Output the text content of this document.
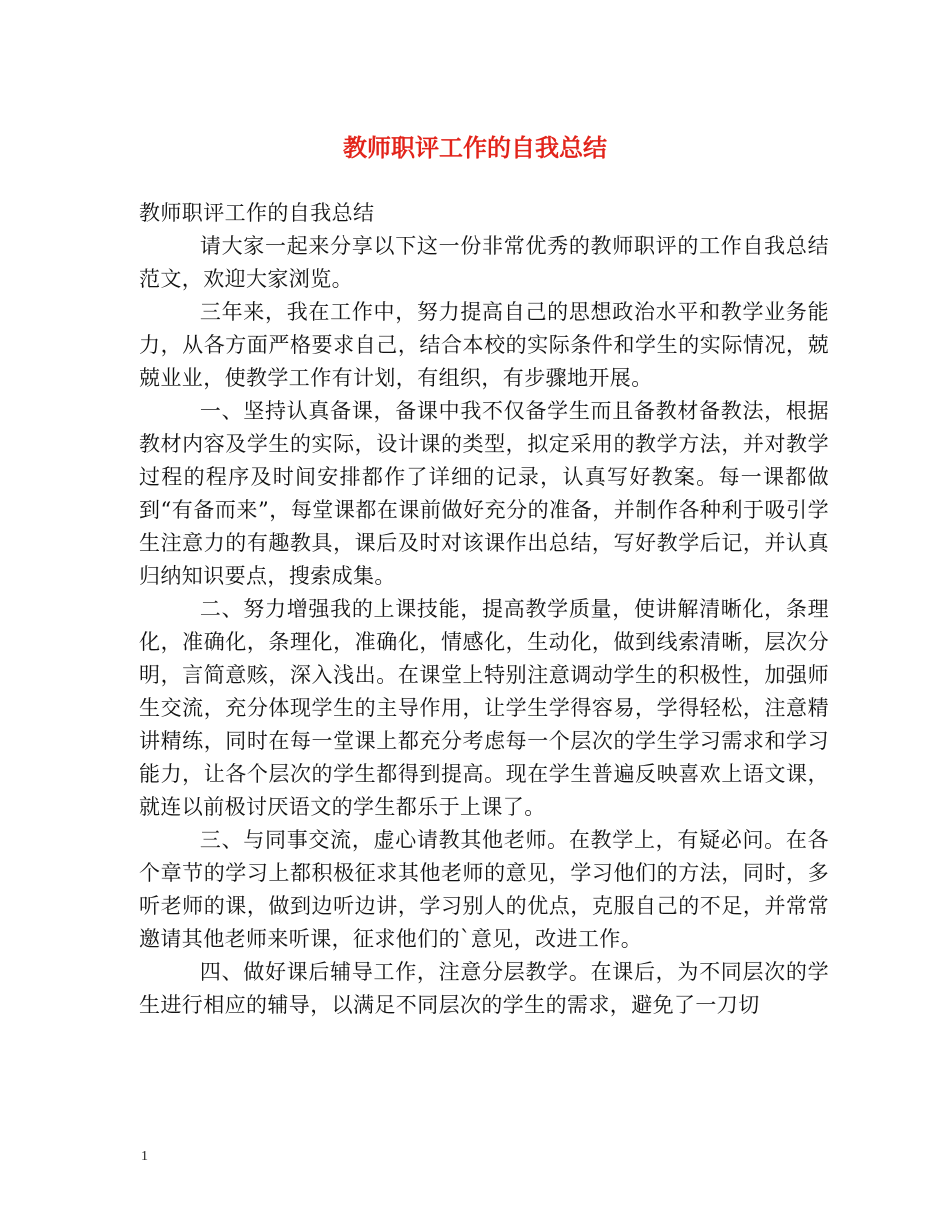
教师职评工作的自我总结

教师职评工作的自我总结

请大家一起来分享以下这一份非常优秀的教师职评的工作自我总结范文，欢迎大家浏览。

三年来，我在工作中，努力提高自己的思想政治水平和教学业务能力，从各方面严格要求自己，结合本校的实际条件和学生的实际情况，兢兢业业，使教学工作有计划，有组织，有步骤地开展。

一、坚持认真备课，备课中我不仅备学生而且备教材备教法，根据教材内容及学生的实际，设计课的类型，拟定采用的教学方法，并对教学过程的程序及时间安排都作了详细的记录，认真写好教案。每一课都做到“有备而来”，每堂课都在课前做好充分的准备，并制作各种利于吸引学生注意力的有趣教具，课后及时对该课作出总结，写好教学后记，并认真归纳知识要点，搜索成集。

二、努力增强我的上课技能，提高教学质量，使讲解清晰化，条理化，准确化，条理化，准确化，情感化，生动化，做到线索清晰，层次分明，言简意赅，深入浅出。在课堂上特别注意调动学生的积极性，加强师生交流，充分体现学生的主导作用，让学生学得容易，学得轻松，注意精讲精练，同时在每一堂课上都充分考虑每一个层次的学生学习需求和学习能力，让各个层次的学生都得到提高。现在学生普遍反映喜欢上语文课，就连以前极讨厌语文的学生都乐于上课了。

三、与同事交流，虚心请教其他老师。在教学上，有疑必问。在各个章节的学习上都积极征求其他老师的意见，学习他们的方法，同时，多听老师的课，做到边听边讲，学习别人的优点，克服自己的不足，并常常邀请其他老师来听课，征求他们的`意见，改进工作。

四、做好课后辅导工作，注意分层教学。在课后，为不同层次的学生进行相应的辅导，以满足不同层次的学生的需求，避免了一刀切

1
